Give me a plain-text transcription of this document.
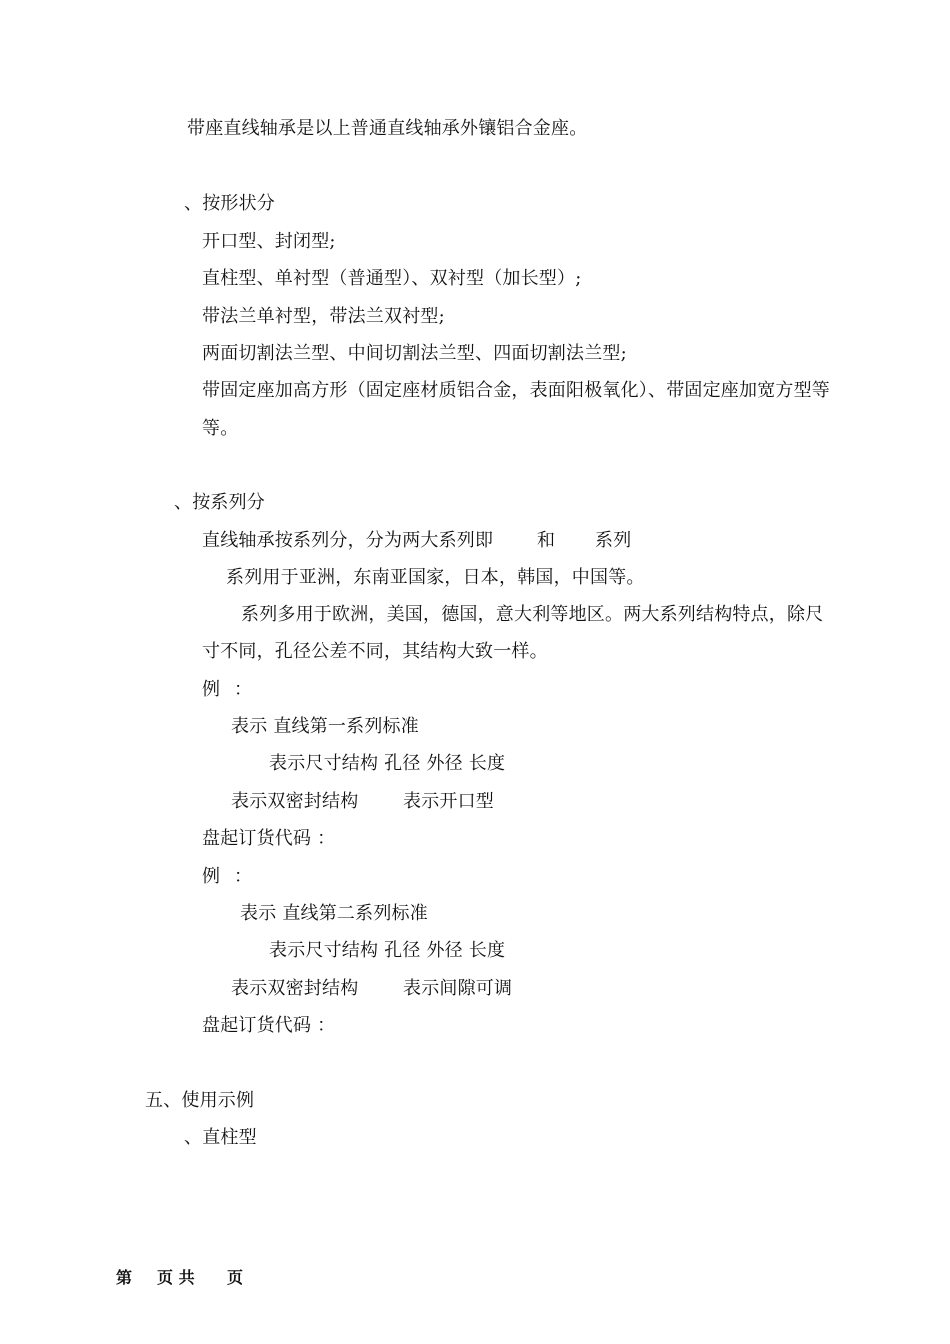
带座直线轴承是以上普通直线轴承外镶铝合金座。
、按形状分
开口型、封闭型;
直柱型、单衬型（普通型）、双衬型（加长型）;
带法兰单衬型，带法兰双衬型;
两面切割法兰型、中间切割法兰型、四面切割法兰型;
带固定座加高方形（固定座材质铝合金，表面阳极氧化）、带固定座加宽方型等
等。
、按系列分
直线轴承按系列分，分为两大系列即 和 系列
系列用于亚洲，东南亚国家，日本，韩国，中国等。
系列多用于欧洲，美国，德国，意大利等地区。两大系列结构特点，除尺
寸不同，孔径公差不同，其结构大致一样。
例 ：
表示 直线第一系列标准
表示尺寸结构 孔径 外径 长度
表示双密封结构 表示开口型
盘起订货代码 ：
例 ：
表示 直线第二系列标准
表示尺寸结构 孔径 外径 长度
表示双密封结构 表示间隙可调
盘起订货代码 ：
五、使用示例
、直柱型
第 页 共 页
